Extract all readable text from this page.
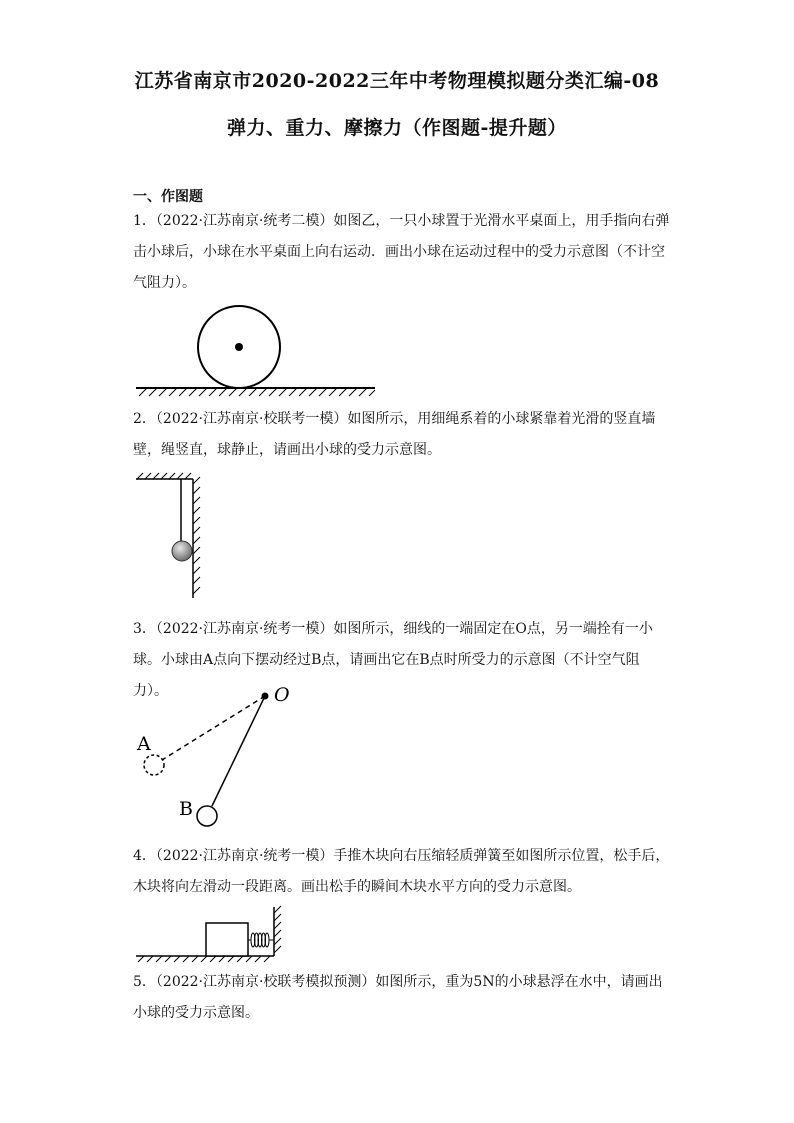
江苏省南京市2020-2022三年中考物理模拟题分类汇编-08
弹力、重力、摩擦力（作图题-提升题）
一、作图题
1．（2022·江苏南京·统考二模）如图乙，一只小球置于光滑水平桌面上，用手指向右弹击小球后，小球在水平桌面上向右运动．画出小球在运动过程中的受力示意图（不计空气阻力）。
2．（2022·江苏南京·校联考一模）如图所示，用细绳系着的小球紧靠着光滑的竖直墙壁，绳竖直，球静止，请画出小球的受力示意图。
3．（2022·江苏南京·统考一模）如图所示，细线的一端固定在O点，另一端拴有一小球。小球由A点向下摆动经过B点，请画出它在B点时所受力的示意图（不计空气阻力）。	O
A
B
4．（2022·江苏南京·统考一模）手推木块向右压缩轻质弹簧至如图所示位置，松手后，木块将向左滑动一段距离。画出松手的瞬间木块水平方向的受力示意图。
5．（2022·江苏南京·校联考模拟预测）如图所示，重为5N的小球悬浮在水中，请画出小球的受力示意图。
